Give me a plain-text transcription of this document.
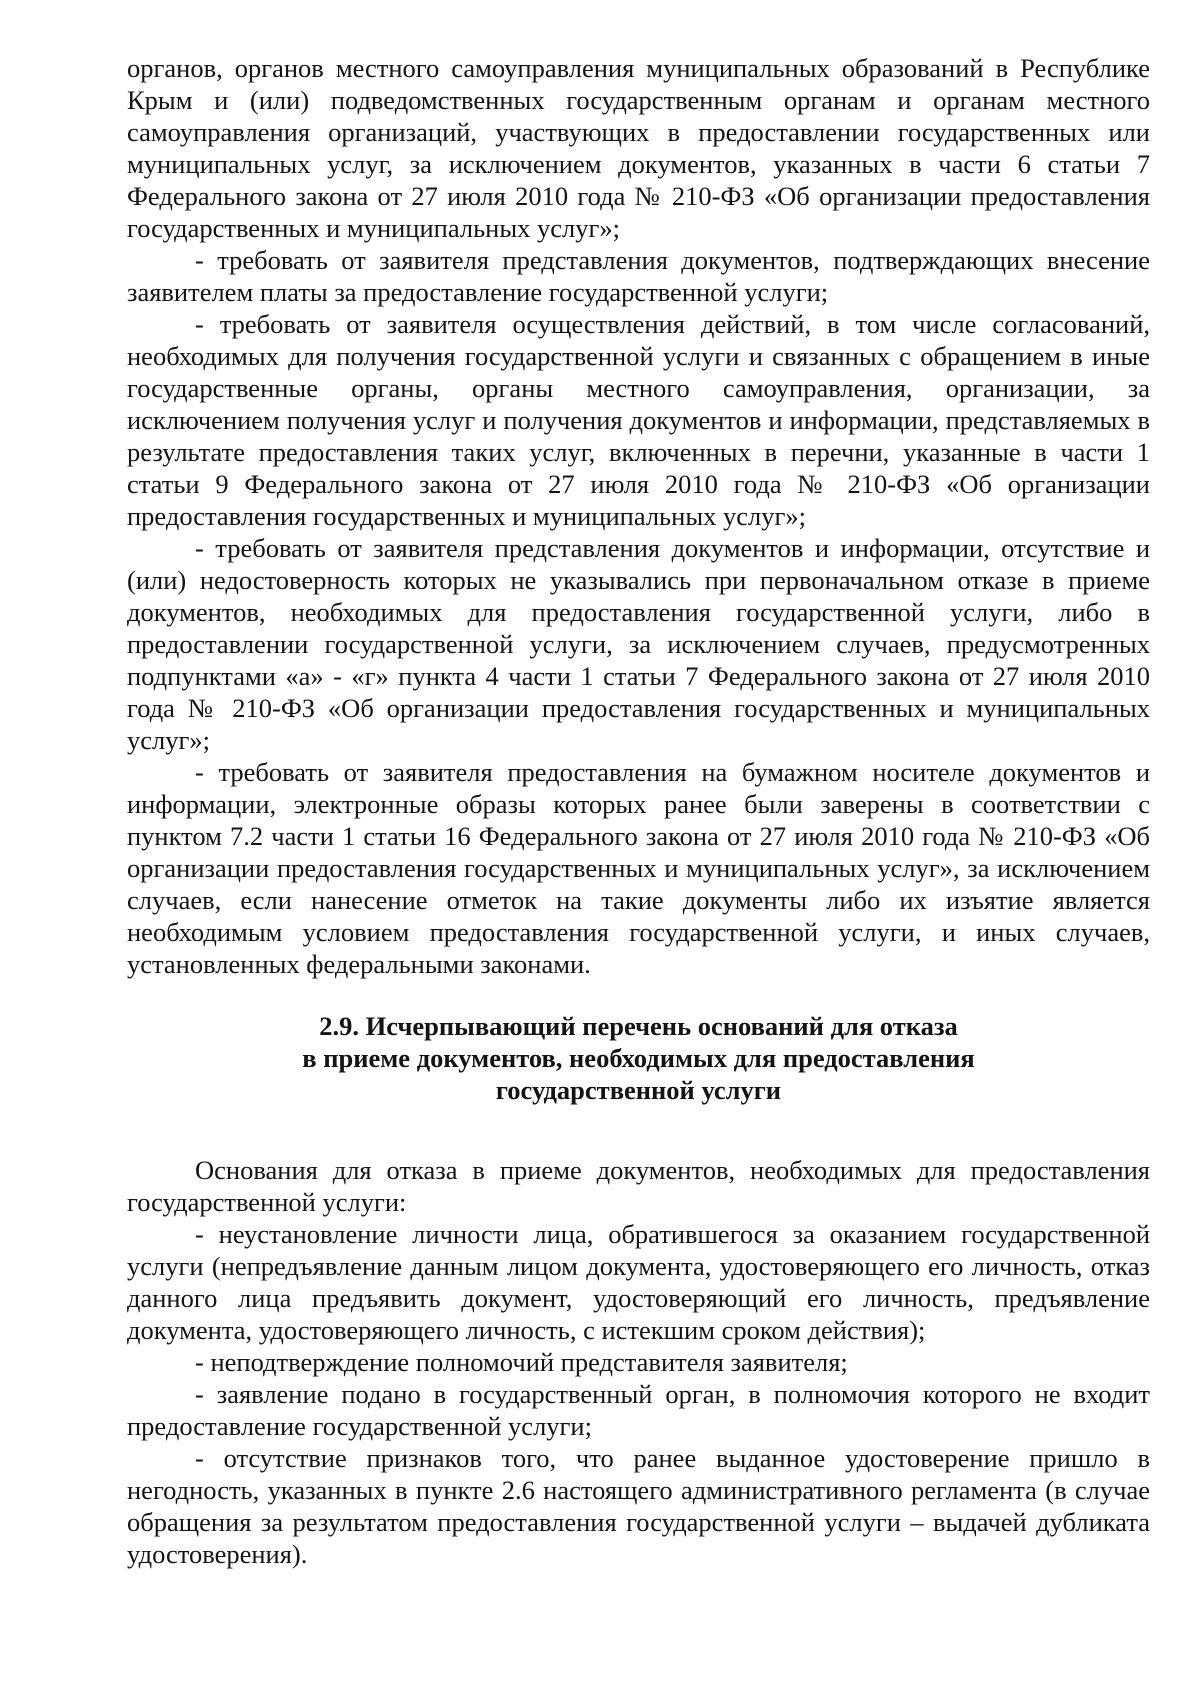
органов, органов местного самоуправления муниципальных образований в Республике Крым и (или) подведомственных государственным органам и органам местного самоуправления организаций, участвующих в предоставлении государственных или муниципальных услуг, за исключением документов, указанных в части 6 статьи 7 Федерального закона от 27 июля 2010 года № 210-ФЗ «Об организации предоставления государственных и муниципальных услуг»;

- требовать от заявителя представления документов, подтверждающих внесение заявителем платы за предоставление государственной услуги;

- требовать от заявителя осуществления действий, в том числе согласований, необходимых для получения государственной услуги и связанных с обращением в иные государственные органы, органы местного самоуправления, организации, за исключением получения услуг и получения документов и информации, представляемых в результате предоставления таких услуг, включенных в перечни, указанные в части 1 статьи 9 Федерального закона от 27 июля 2010 года № 210-ФЗ «Об организации предоставления государственных и муниципальных услуг»;

- требовать от заявителя представления документов и информации, отсутствие и (или) недостоверность которых не указывались при первоначальном отказе в приеме документов, необходимых для предоставления государственной услуги, либо в предоставлении государственной услуги, за исключением случаев, предусмотренных подпунктами «а» - «г» пункта 4 части 1 статьи 7 Федерального закона от 27 июля 2010 года № 210-ФЗ «Об организации предоставления государственных и муниципальных услуг»;

- требовать от заявителя предоставления на бумажном носителе документов и информации, электронные образы которых ранее были заверены в соответствии с пунктом 7.2 части 1 статьи 16 Федерального закона от 27 июля 2010 года № 210-ФЗ «Об организации предоставления государственных и муниципальных услуг», за исключением случаев, если нанесение отметок на такие документы либо их изъятие является необходимым условием предоставления государственной услуги, и иных случаев, установленных федеральными законами.

2.9. Исчерпывающий перечень оснований для отказа
в приеме документов, необходимых для предоставления
государственной услуги

Основания для отказа в приеме документов, необходимых для предоставления государственной услуги:

- неустановление личности лица, обратившегося за оказанием государственной услуги (непредъявление данным лицом документа, удостоверяющего его личность, отказ данного лица предъявить документ, удостоверяющий его личность, предъявление документа, удостоверяющего личность, с истекшим сроком действия);

- неподтверждение полномочий представителя заявителя;

- заявление подано в государственный орган, в полномочия которого не входит предоставление государственной услуги;

- отсутствие признаков того, что ранее выданное удостоверение пришло в негодность, указанных в пункте 2.6 настоящего административного регламента (в случае обращения за результатом предоставления государственной услуги – выдачей дубликата удостоверения).
